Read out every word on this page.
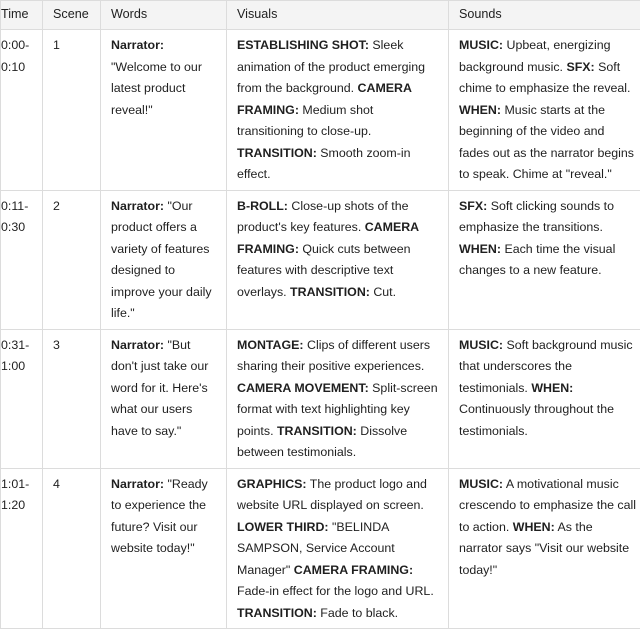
Time	Scene	Words	Visuals	Sounds

0:00-0:10	1	Narrator: "Welcome to our latest product reveal!"	ESTABLISHING SHOT: Sleek animation of the product emerging from the background. CAMERA FRAMING: Medium shot transitioning to close-up. TRANSITION: Smooth zoom-in effect.	MUSIC: Upbeat, energizing background music. SFX: Soft chime to emphasize the reveal. WHEN: Music starts at the beginning of the video and fades out as the narrator begins to speak. Chime at "reveal."

0:11-0:30	2	Narrator: "Our product offers a variety of features designed to improve your daily life."	B-ROLL: Close-up shots of the product's key features. CAMERA FRAMING: Quick cuts between features with descriptive text overlays. TRANSITION: Cut.	SFX: Soft clicking sounds to emphasize the transitions. WHEN: Each time the visual changes to a new feature.

0:31-1:00	3	Narrator: "But don't just take our word for it. Here's what our users have to say."	MONTAGE: Clips of different users sharing their positive experiences. CAMERA MOVEMENT: Split-screen format with text highlighting key points. TRANSITION: Dissolve between testimonials.	MUSIC: Soft background music that underscores the testimonials. WHEN: Continuously throughout the testimonials.

1:01-1:20	4	Narrator: "Ready to experience the future? Visit our website today!"	GRAPHICS: The product logo and website URL displayed on screen. LOWER THIRD: "BELINDA SAMPSON, Service Account Manager" CAMERA FRAMING: Fade-in effect for the logo and URL. TRANSITION: Fade to black.	MUSIC: A motivational music crescendo to emphasize the call to action. WHEN: As the narrator says "Visit our website today!"
